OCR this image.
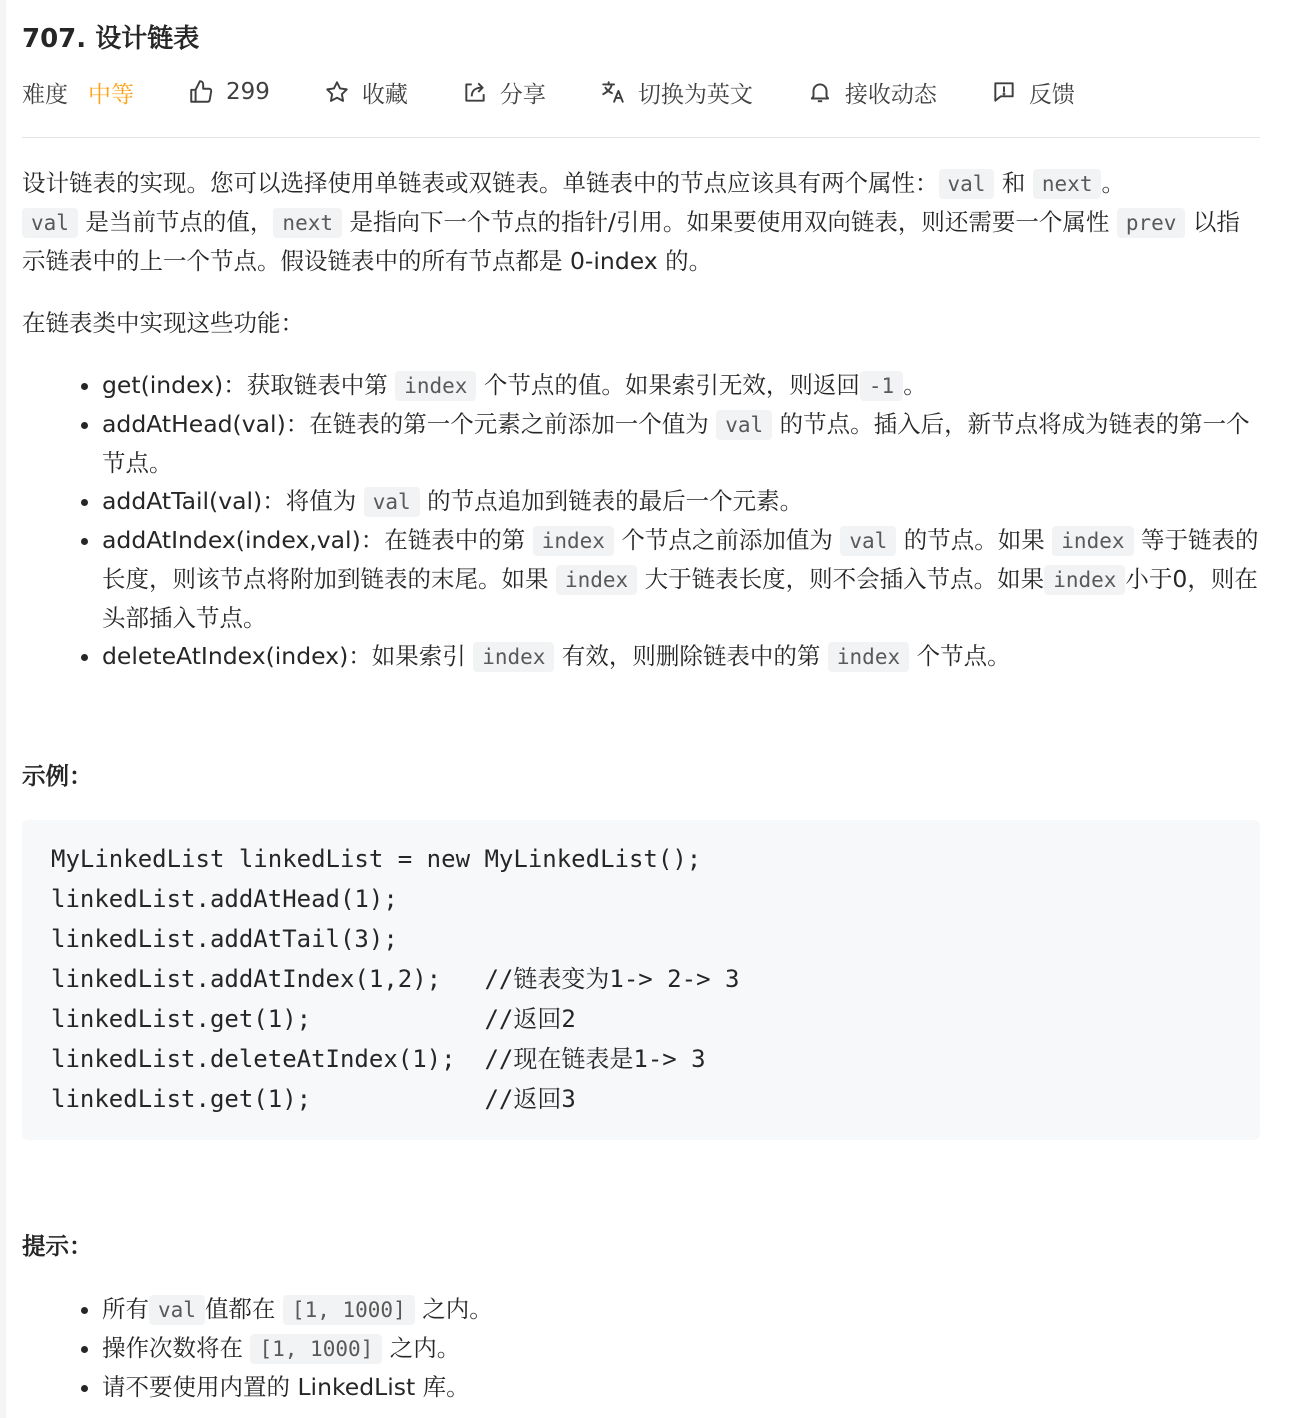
707. 设计链表
难度 中等	299	收藏	分享	切换为英文	接收动态	反馈

设计链表的实现。您可以选择使用单链表或双链表。单链表中的节点应该具有两个属性： val 和 next 。
val 是当前节点的值， next 是指向下一个节点的指针/引用。如果要使用双向链表，则还需要一个属性 prev 以指示链表中的上一个节点。假设链表中的所有节点都是 0-index 的。

在链表类中实现这些功能：

• get(index)：获取链表中第 index 个节点的值。如果索引无效，则返回 -1 。
• addAtHead(val)：在链表的第一个元素之前添加一个值为 val 的节点。插入后，新节点将成为链表的第一个节点。
• addAtTail(val)：将值为 val 的节点追加到链表的最后一个元素。
• addAtIndex(index,val)：在链表中的第 index 个节点之前添加值为 val 的节点。如果 index 等于链表的长度，则该节点将附加到链表的末尾。如果 index 大于链表长度，则不会插入节点。如果 index 小于0，则在头部插入节点。
• deleteAtIndex(index)：如果索引 index 有效，则删除链表中的第 index 个节点。
示例：
MyLinkedList linkedList = new MyLinkedList();
linkedList.addAtHead(1);
linkedList.addAtTail(3);
linkedList.addAtIndex(1,2);   //链表变为1-> 2-> 3
linkedList.get(1);            //返回2
linkedList.deleteAtIndex(1);  //现在链表是1-> 3
linkedList.get(1);            //返回3
提示：
• 所有 val 值都在 [1, 1000] 之内。
• 操作次数将在 [1, 1000] 之内。
• 请不要使用内置的 LinkedList 库。
